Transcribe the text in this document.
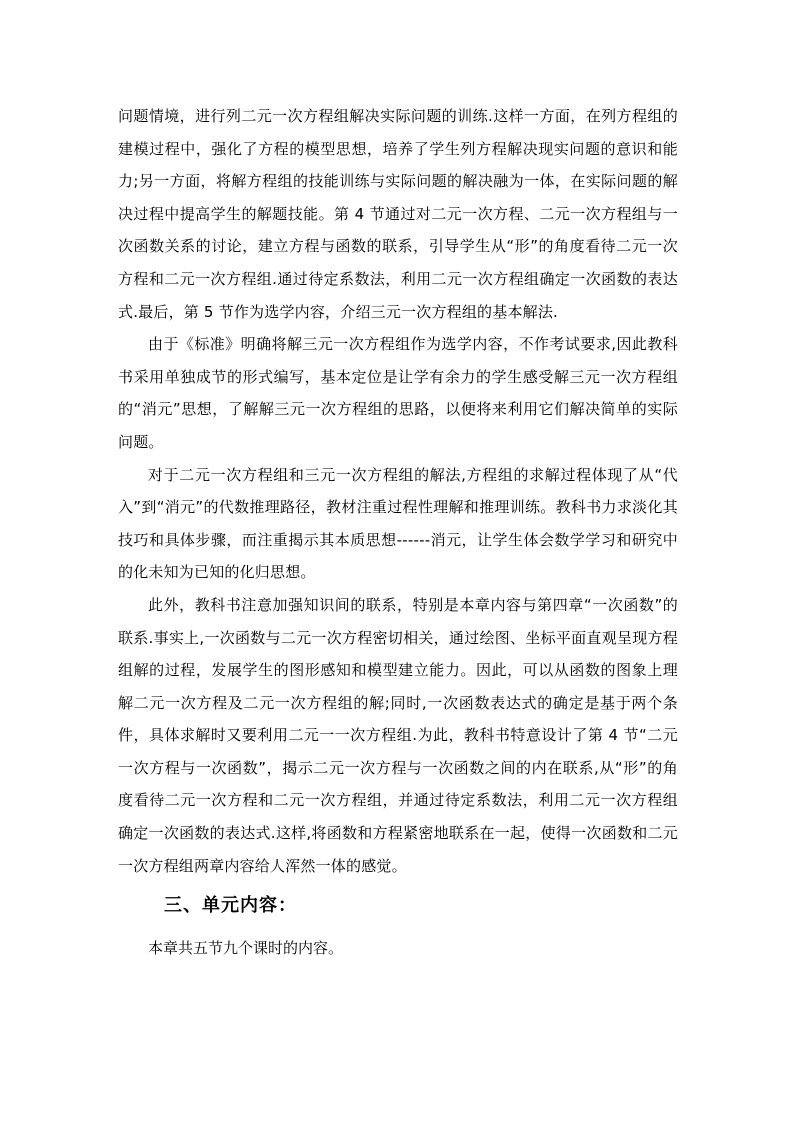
问题情境，进行列二元一次方程组解决实际问题的训练.这样一方面，在列方程组的建模过程中，强化了方程的模型思想，培养了学生列方程解决现实问题的意识和能力;另一方面，将解方程组的技能训练与实际问题的解决融为一体，在实际问题的解决过程中提高学生的解题技能。第 4 节通过对二元一次方程、二元一次方程组与一次函数关系的讨论，建立方程与函数的联系，引导学生从“形”的角度看待二元一次方程和二元一次方程组.通过待定系数法，利用二元一次方程组确定一次函数的表达式.最后，第 5 节作为选学内容，介绍三元一次方程组的基本解法.

由于《标准》明确将解三元一次方程组作为选学内容，不作考试要求,因此教科书采用单独成节的形式编写，基本定位是让学有余力的学生感受解三元一次方程组的“消元”思想，了解解三元一次方程组的思路，以便将来利用它们解决简单的实际问题。

对于二元一次方程组和三元一次方程组的解法,方程组的求解过程体现了从“代入”到“消元”的代数推理路径，教材注重过程性理解和推理训练。教科书力求淡化其技巧和具体步骤，而注重揭示其本质思想------消元，让学生体会数学学习和研究中的化未知为已知的化归思想。

此外，教科书注意加强知识间的联系，特别是本章内容与第四章“一次函数”的联系.事实上,一次函数与二元一次方程密切相关，通过绘图、坐标平面直观呈现方程组解的过程，发展学生的图形感知和模型建立能力。因此，可以从函数的图象上理解二元一次方程及二元一次方程组的解;同时,一次函数表达式的确定是基于两个条件，具体求解时又要利用二元一一次方程组.为此，教科书特意设计了第 4 节“二元一次方程与一次函数”，揭示二元一次方程与一次函数之间的内在联系,从“形”的角度看待二元一次方程和二元一次方程组，并通过待定系数法，利用二元一次方程组确定一次函数的表达式.这样,将函数和方程紧密地联系在一起，使得一次函数和二元一次方程组两章内容给人浑然一体的感觉。

三、单元内容：

本章共五节九个课时的内容。
